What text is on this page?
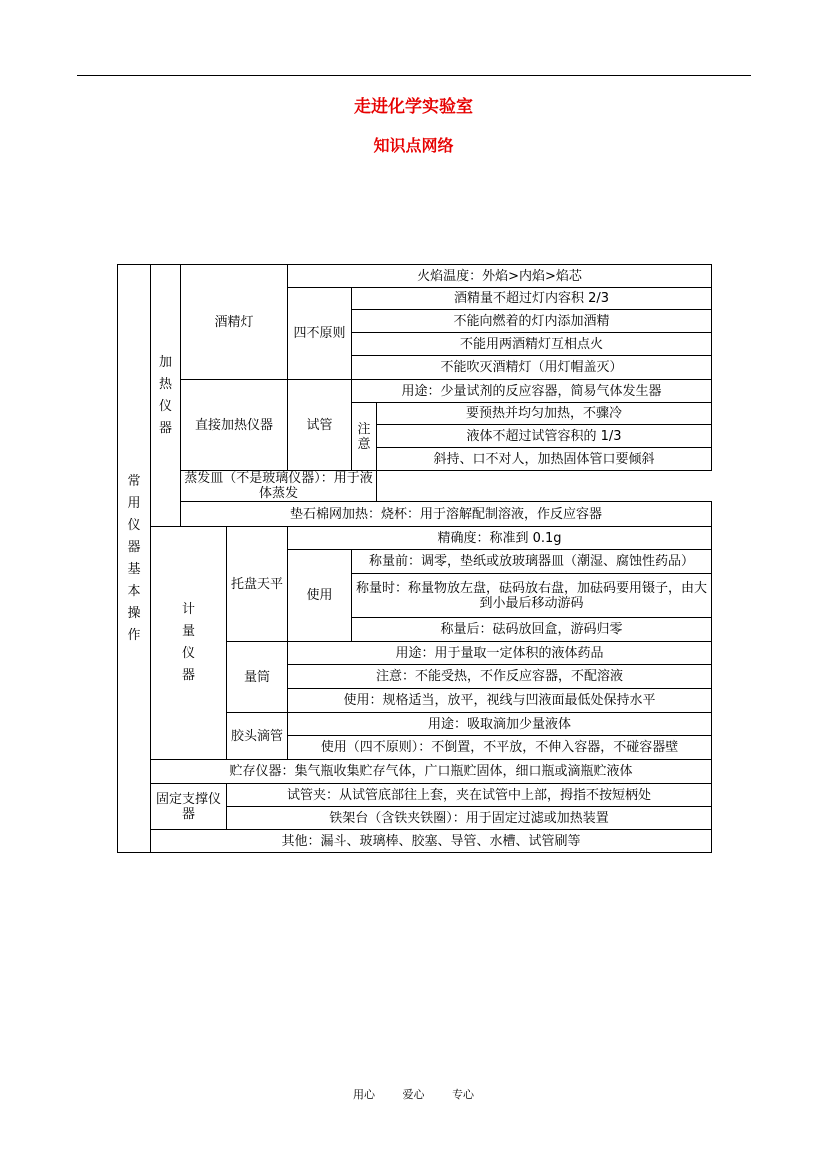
走进化学实验室
知识点网络
常用仪器基本操作	加热仪器	酒精灯		火焰温度：外焰>内焰>焰芯		
				四不原则	酒精量不超过灯内容积 2/3	
					不能向燃着的灯内添加酒精	
					不能用两酒精灯互相点火	
					不能吹灭酒精灯（用灯帽盖灭）	
		直接加热仪器		试管	用途：少量试剂的反应容器，简易气体发生器	
					注意	要预热并均匀加热，不骤冷
						液体不超过试管容积的 1/3
						斜持、口不对人，加热固体管口要倾斜
		蒸发皿（不是玻璃仪器）：用于液体蒸发				
		垫石棉网加热：烧杯：用于溶解配制溶液，作反应容器				
	计量仪器		托盘天平	精确度：称准到 0.1g		
				使用	称量前：调零，垫纸或放玻璃器皿（潮湿、腐蚀性药品）	
					称量时：称量物放左盘，砝码放右盘，加砝码要用镊子，由大到小最后移动游码	

					称量后：砝码放回盒，游码归零	
			量筒	用途：用于量取一定体积的液体药品		
				注意：不能受热，不作反应容器，不配溶液		
				使用：规格适当，放平，视线与凹液面最低处保持水平		
			胶头滴管	用途：吸取滴加少量液体		
				使用（四不原则）：不倒置，不平放，不伸入容器，不碰容器壁		
	贮存仪器：集气瓶收集贮存气体，广口瓶贮固体，细口瓶或滴瓶贮液体					
	固定支撑仪器		试管夹：从试管底部往上套，夹在试管中上部，拇指不按短柄处			
			铁架台（含铁夹铁圈）：用于固定过滤或加热装置			
	其他：漏斗、玻璃棒、胶塞、导管、水槽、试管刷等					
用心 爱心 专心
